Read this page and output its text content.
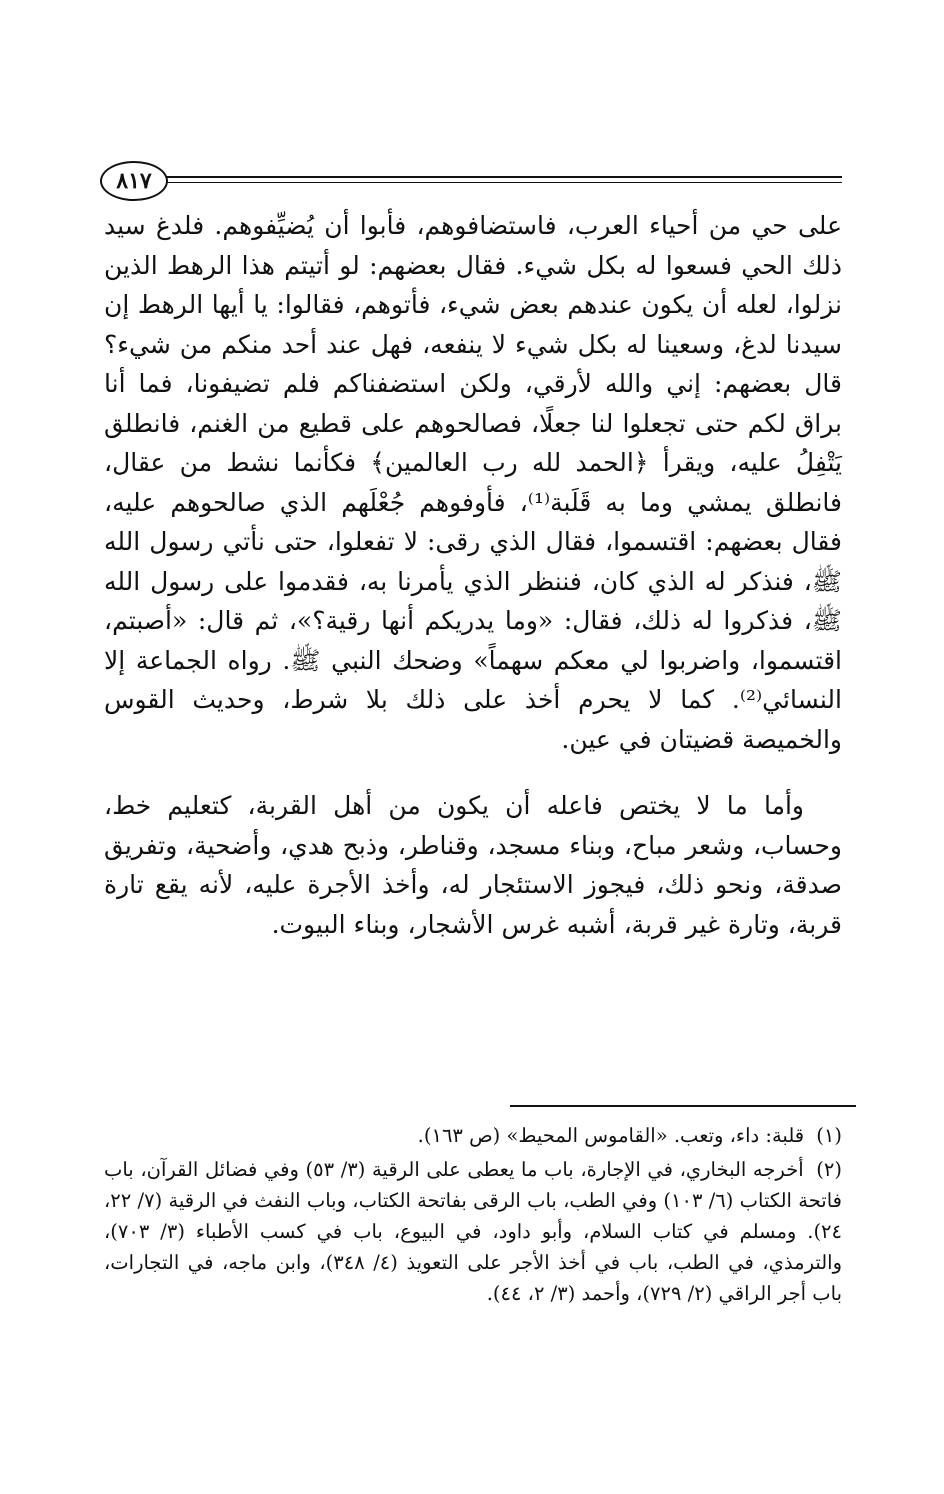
٨١٧

على حي من أحياء العرب، فاستضافوهم، فأبوا أن يُضيِّفوهم. فلدغ سيد ذلك الحي فسعوا له بكل شيء. فقال بعضهم: لو أتيتم هذا الرهط الذين نزلوا، لعله أن يكون عندهم بعض شيء، فأتوهم، فقالوا: يا أيها الرهط إن سيدنا لدغ، وسعينا له بكل شيء لا ينفعه، فهل عند أحد منكم من شيء؟ قال بعضهم: إني والله لأرقي، ولكن استضفناكم فلم تضيفونا، فما أنا براق لكم حتى تجعلوا لنا جعلًا، فصالحوهم على قطيع من الغنم، فانطلق يَتْفِلُ عليه، ويقرأ ﴿الحمد لله رب العالمين﴾ فكأنما نشط من عقال، فانطلق يمشي وما به قَلَبة⁽¹⁾، فأوفوهم جُعْلَهم الذي صالحوهم عليه، فقال بعضهم: اقتسموا، فقال الذي رقى: لا تفعلوا، حتى نأتي رسول الله ﷺ، فنذكر له الذي كان، فننظر الذي يأمرنا به، فقدموا على رسول الله ﷺ، فذكروا له ذلك، فقال: «وما يدريكم أنها رقية؟»، ثم قال: «أصبتم، اقتسموا، واضربوا لي معكم سهماً» وضحك النبي ﷺ. رواه الجماعة إلا النسائي⁽²⁾. كما لا يحرم أخذ على ذلك بلا شرط، وحديث القوس والخميصة قضيتان في عين.

وأما ما لا يختص فاعله أن يكون من أهل القربة، كتعليم خط، وحساب، وشعر مباح، وبناء مسجد، وقناطر، وذبح هدي، وأضحية، وتفريق صدقة، ونحو ذلك، فيجوز الاستئجار له، وأخذ الأجرة عليه، لأنه يقع تارة قربة، وتارة غير قربة، أشبه غرس الأشجار، وبناء البيوت.

(١) قلبة: داء، وتعب. «القاموس المحيط» (ص ١٦٣).

(٢) أخرجه البخاري، في الإجارة، باب ما يعطى على الرقية (٣/ ٥٣) وفي فضائل القرآن، باب فاتحة الكتاب (٦/ ١٠٣) وفي الطب، باب الرقى بفاتحة الكتاب، وباب النفث في الرقية (٧/ ٢٢، ٢٤). ومسلم في كتاب السلام، وأبو داود، في البيوع، باب في كسب الأطباء (٣/ ٧٠٣)، والترمذي، في الطب، باب في أخذ الأجر على التعويذ (٤/ ٣٤٨)، وابن ماجه، في التجارات، باب أجر الراقي (٢/ ٧٢٩)، وأحمد (٣/ ٢، ٤٤).
